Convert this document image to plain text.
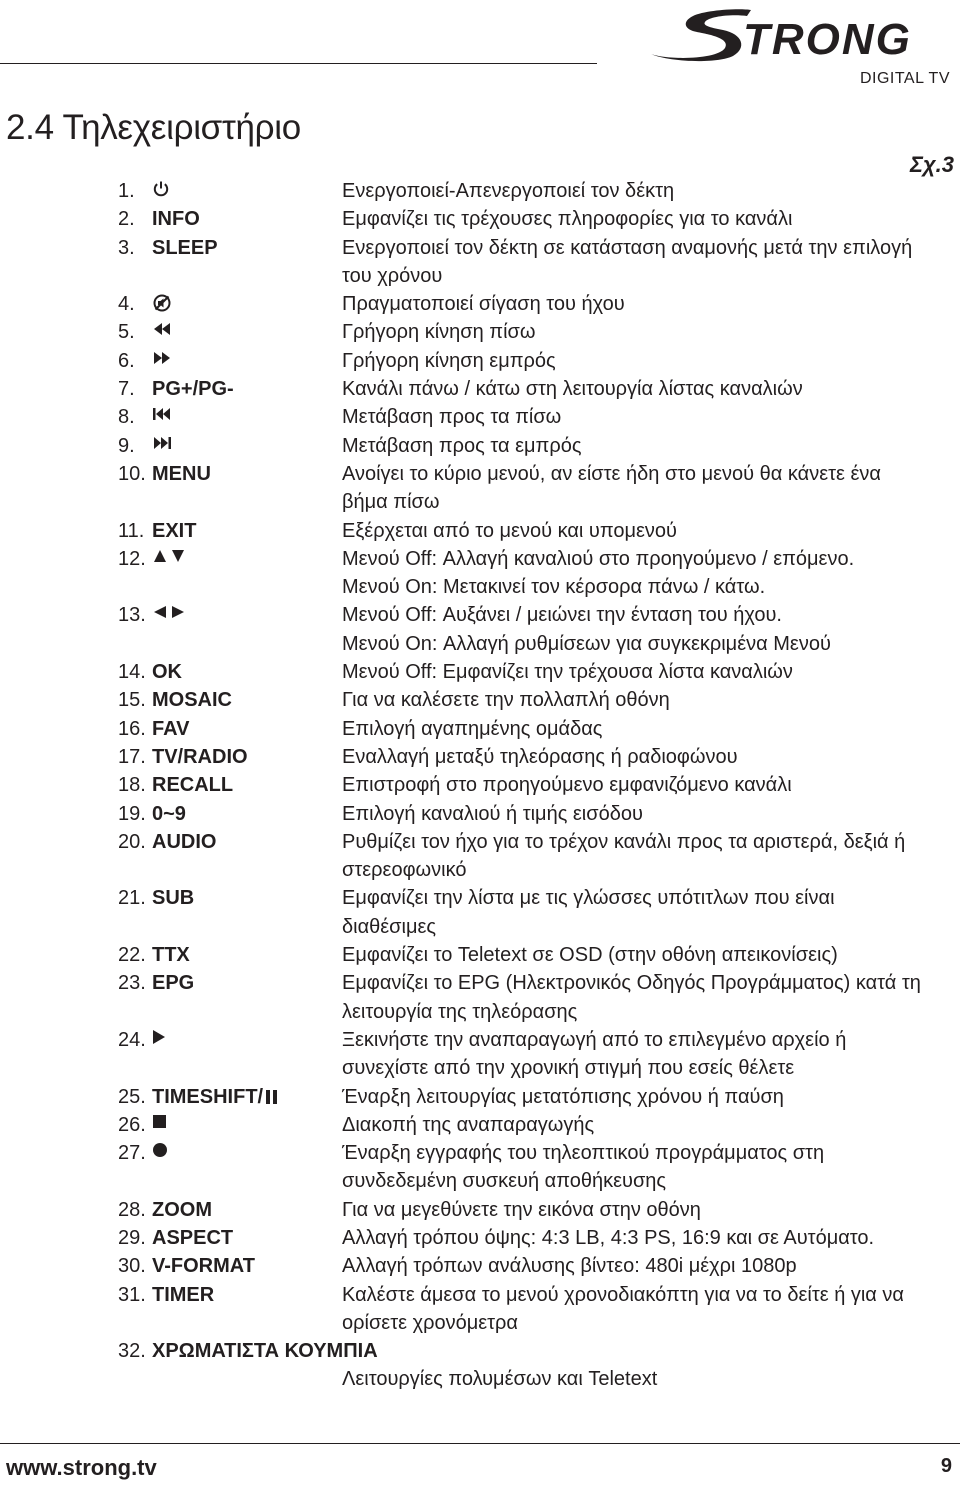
TRONG
DIGITAL TV
2.4 Τηλεχειριστήριο
Σχ.3
1.	Ενεργοποιεί-Απενεργοποιεί τον δέκτη
2. INFO	Εμφανίζει τις τρέχουσες πληροφορίες για το κανάλι
3. SLEEP	Ενεργοποιεί τον δέκτη σε κατάσταση αναμονής μετά την επιλογή
του χρόνου
4.	Πραγματοποιεί σίγαση του ήχου
5.	Γρήγορη κίνηση πίσω
6.	Γρήγορη κίνηση εμπρός
7. PG+/PG-	Κανάλι πάνω / κάτω στη λειτουργία λίστας καναλιών
8.	Μετάβαση προς τα πίσω
9.	Μετάβαση προς τα εμπρός
10. MENU	Ανοίγει το κύριο μενού, αν είστε ήδη στο μενού θα κάνετε ένα
βήμα πίσω
11. EXIT	Εξέρχεται από το μενού και υπομενού
12.	Μενού Off: Αλλαγή καναλιού στο προηγούμενο / επόμενο.
Μενού On: Μετακινεί τον κέρσορα πάνω / κάτω.
13.	Μενού Off: Αυξάνει / μειώνει την ένταση του ήχου.
Μενού On: Αλλαγή ρυθμίσεων για συγκεκριμένα Μενού
14. OK	Μενού Off: Εμφανίζει την τρέχουσα λίστα καναλιών
15. MOSAIC	Για να καλέσετε την πολλαπλή οθόνη
16. FAV	Επιλογή αγαπημένης ομάδας
17. TV/RADIO	Εναλλαγή μεταξύ τηλεόρασης ή ραδιοφώνου
18. RECALL	Επιστροφή στο προηγούμενο εμφανιζόμενο κανάλι
19. 0~9	Επιλογή καναλιού ή τιμής εισόδου
20. AUDIO	Ρυθμίζει τον ήχο για το τρέχον κανάλι προς τα αριστερά, δεξιά ή
στερεοφωνικό
21. SUB	Εμφανίζει την λίστα με τις γλώσσες υπότιτλων που είναι
διαθέσιμες
22. TTX	Εμφανίζει το Teletext σε OSD (στην οθόνη απεικονίσεις)
23. EPG	Εμφανίζει το EPG (Ηλεκτρονικός Οδηγός Προγράμματος) κατά τη
λειτουργία της τηλεόρασης
24.	Ξεκινήστε την αναπαραγωγή από το επιλεγμένο αρχείο ή
συνεχίστε από την χρονική στιγμή που εσείς θέλετε
25. TIMESHIFT/	Έναρξη λειτουργίας μετατόπισης χρόνου ή παύση
26.	Διακοπή της αναπαραγωγής
27.	Έναρξη εγγραφής του τηλεοπτικού προγράμματος στη
συνδεδεμένη συσκευή αποθήκευσης
28. ZOOM	Για να μεγεθύνετε την εικόνα στην οθόνη
29. ASPECT	Αλλαγή τρόπου όψης: 4:3 LB, 4:3 PS, 16:9 και σε Αυτόματο.
30. V-FORMAT	Αλλαγή τρόπων ανάλυσης βίντεο: 480i μέχρι 1080p
31. TIMER	Καλέστε άμεσα το μενού χρονοδιακόπτη για να το δείτε ή για να
ορίσετε χρονόμετρα
32. ΧΡΩΜΑΤΙΣΤΑ ΚΟΥΜΠΙΑ
Λειτουργίες πολυμέσων και Teletext
www.strong.tv	9
